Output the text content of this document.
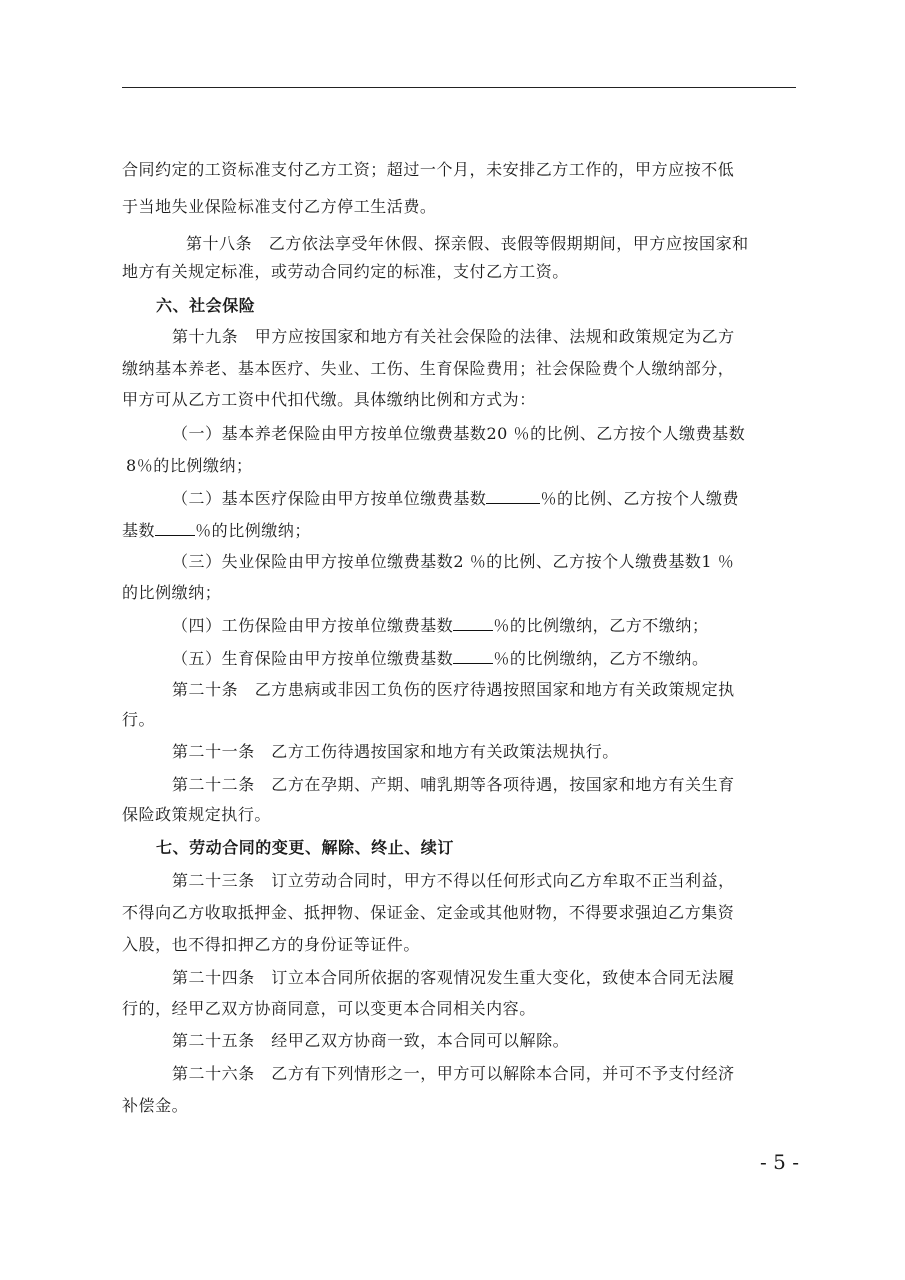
合同约定的工资标准支付乙方工资；超过一个月，未安排乙方工作的，甲方应按不低
于当地失业保险标准支付乙方停工生活费。
第十八条　乙方依法享受年休假、探亲假、丧假等假期期间，甲方应按国家和
地方有关规定标准，或劳动合同约定的标准，支付乙方工资。
六、社会保险
第十九条　甲方应按国家和地方有关社会保险的法律、法规和政策规定为乙方
缴纳基本养老、基本医疗、失业、工伤、生育保险费用；社会保险费个人缴纳部分，
甲方可从乙方工资中代扣代缴。具体缴纳比例和方式为：
（一）基本养老保险由甲方按单位缴费基数20 ％的比例、乙方按个人缴费基数
8％的比例缴纳；
（二）基本医疗保险由甲方按单位缴费基数	％的比例、乙方按个人缴费
基数	％的比例缴纳；
（三）失业保险由甲方按单位缴费基数2 ％的比例、乙方按个人缴费基数1 ％
的比例缴纳；
（四）工伤保险由甲方按单位缴费基数	％的比例缴纳，乙方不缴纳；
（五）生育保险由甲方按单位缴费基数	％的比例缴纳，乙方不缴纳。
第二十条　乙方患病或非因工负伤的医疗待遇按照国家和地方有关政策规定执
行。
第二十一条　乙方工伤待遇按国家和地方有关政策法规执行。
第二十二条　乙方在孕期、产期、哺乳期等各项待遇，按国家和地方有关生育
保险政策规定执行。
七、劳动合同的变更、解除、终止、续订
第二十三条　订立劳动合同时，甲方不得以任何形式向乙方牟取不正当利益，
不得向乙方收取抵押金、抵押物、保证金、定金或其他财物，不得要求强迫乙方集资
入股，也不得扣押乙方的身份证等证件。
第二十四条　订立本合同所依据的客观情况发生重大变化，致使本合同无法履
行的，经甲乙双方协商同意，可以变更本合同相关内容。
第二十五条　经甲乙双方协商一致，本合同可以解除。
第二十六条　乙方有下列情形之一，甲方可以解除本合同，并可不予支付经济
补偿金。
- 5 -
